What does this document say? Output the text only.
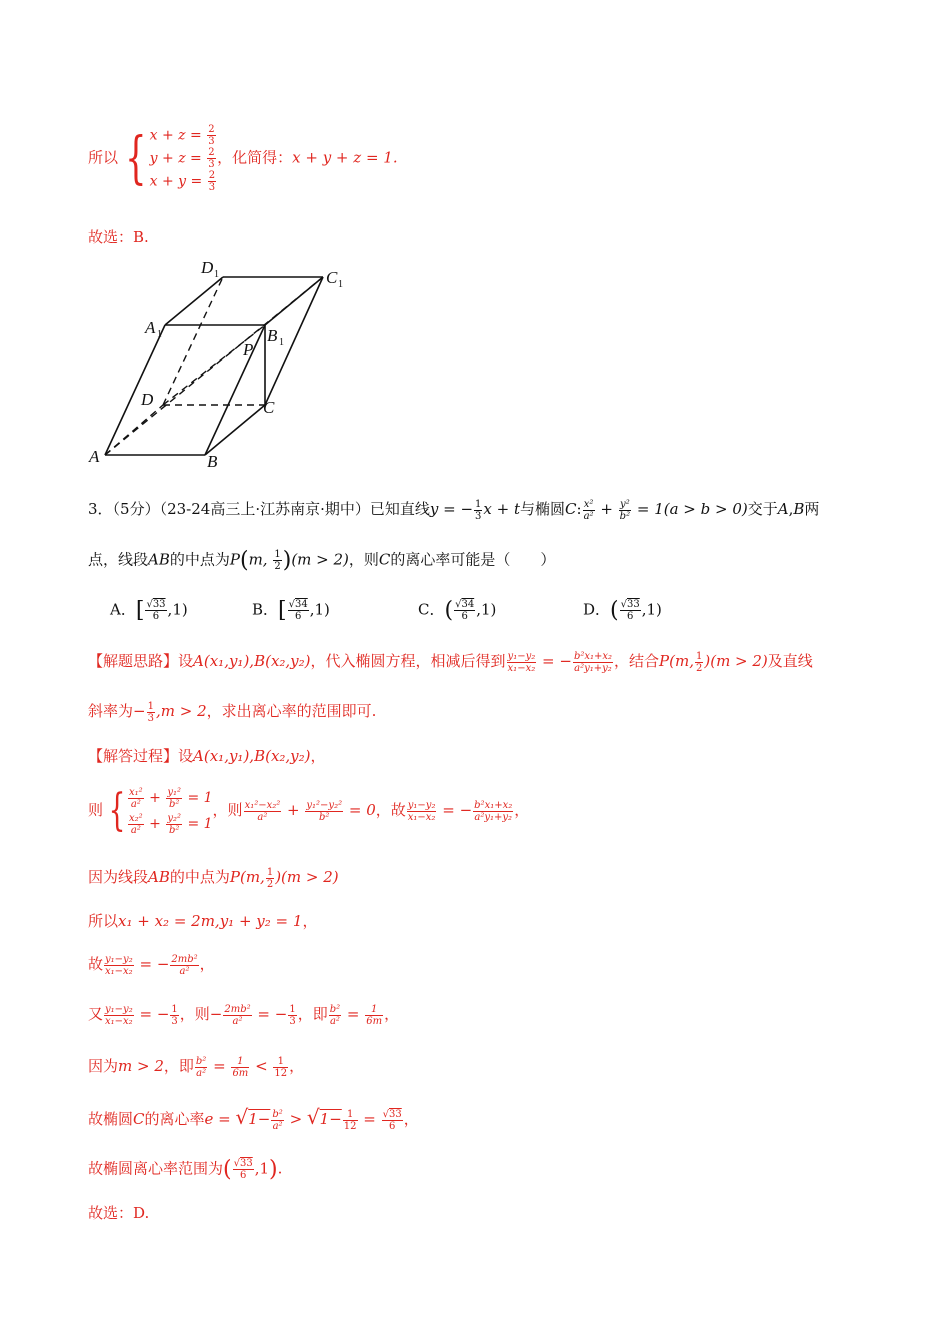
所以 { $x + z = \frac{2}{3}$
$y + z = \frac{2}{3}$
$x + y = \frac{2}{3}$
，化简得：x + y + z = 1.
故选：B.
D 1	C 1
A 1	B 1
P
D	C
A	B
3．（5分）（23-24高三上·江苏南京·期中）已知直线y = − $\frac{1}{3}$ x + t与椭圆C: $\frac{\text{x²}}{\text{a²}} + \frac{\text{y²}}{\text{b²}} = 1(a > b > 0)$交于A,B两
点，线段AB的中点为P(m, $\frac{1}{2} )(m > 2)$，则C的离心率可能是（　　）
A．[ $\frac{√33}{6} ,1$)	B．[ $\frac{√34}{6} ,1$)	C．( $\frac{√34}{6} ,1$)	D．( $\frac{√33}{6} ,1$)
【解题思路】设A(x₁,y₁),B(x₂,y₂)，代入椭圆方程，相减后得到 $\frac{\text{y₁−y₂}}{\text{x₁−x₂}}$ = − $\frac{\text{b²x₁+x₂}}{\text{a²y₁+y₂}}$ ，结合P(m, $\frac{1}{2} )(m > 2)$及直线
斜率为− $\frac{1}{3} ,m > 2$，求出离心率的范围即可.
【解答过程】设A(x₁,y₁),B(x₂,y₂)，
则 { $\frac{\text{x₁²}}{\text{a²}} + \frac{\text{y₁²}}{\text{b²}} = 1$
$\frac{\text{x₂²}}{\text{a²}} + \frac{\text{y₂²}}{\text{b²}} = 1$
，则 $\frac{\text{x₁²−x₂²}}{\text{a²}} + \frac{\text{y₁²−y₂²}}{\text{b²}} = 0$，故 $\frac{\text{y₁−y₂}}{\text{x₁−x₂}}$ = − $\frac{\text{b²x₁+x₂}}{\text{a²y₁+y₂}}$ ，
因为线段AB的中点为P(m, $\frac{1}{2} )(m > 2)$
所以x₁ + x₂ = 2m,y₁ + y₂ = 1，
故 $\frac{\text{y₁−y₂}}{\text{x₁−x₂}}$ = − $\frac{\text{2mb²}}{\text{a²}}$ ，
又 $\frac{\text{y₁−y₂}}{\text{x₁−x₂}}$ = − $\frac{1}{3}$ ，则− $\frac{\text{2mb²}}{\text{a²}}$ = − $\frac{1}{3}$ ，即 $\frac{\text{b²}}{\text{a²}} = \frac{1}{6m}$ ，
因为m > 2，即 $\frac{\text{b²}}{\text{a²}} = \frac{1}{6m} < \frac{1}{12}$ ，
故椭圆C的离心率$e = √1- \frac{\text{b²}}{\text{a²}} > √1- \frac{1}{12} = \frac{√33}{6}$ ，
故椭圆离心率范围为( $\frac{√33}{6} ,1$).
故选：D.
